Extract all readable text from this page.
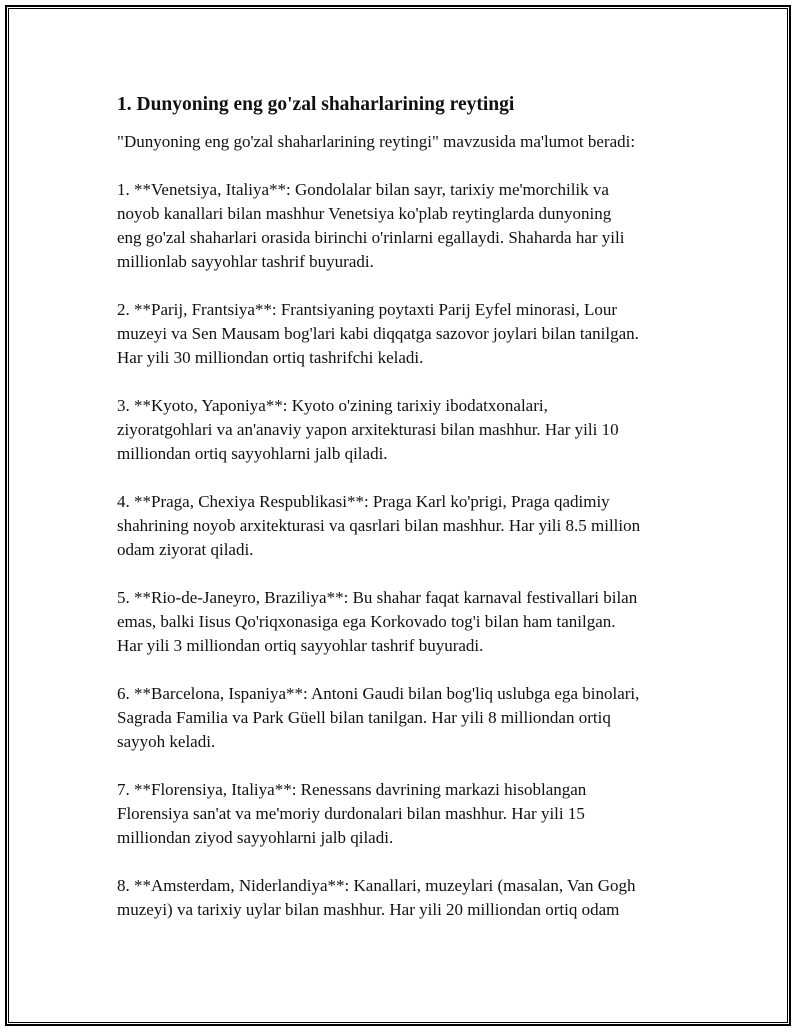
1. Dunyoning eng go'zal shaharlarining reytingi

"Dunyoning eng go'zal shaharlarining reytingi" mavzusida ma'lumot beradi:

1. **Venetsiya, Italiya**: Gondolalar bilan sayr, tarixiy me'morchilik va
noyob kanallari bilan mashhur Venetsiya ko'plab reytinglarda dunyoning
eng go'zal shaharlari orasida birinchi o'rinlarni egallaydi. Shaharda har yili
millionlab sayyohlar tashrif buyuradi.

2. **Parij, Frantsiya**: Frantsiyaning poytaxti Parij Eyfel minorasi, Lour
muzeyi va Sen Mausam bog'lari kabi diqqatga sazovor joylari bilan tanilgan.
Har yili 30 milliondan ortiq tashrifchi keladi.

3. **Kyoto, Yaponiya**: Kyoto o'zining tarixiy ibodatxonalari,
ziyoratgohlari va an'anaviy yapon arxitekturasi bilan mashhur. Har yili 10
milliondan ortiq sayyohlarni jalb qiladi.

4. **Praga, Chexiya Respublikasi**: Praga Karl ko'prigi, Praga qadimiy
shahrining noyob arxitekturasi va qasrlari bilan mashhur. Har yili 8.5 million
odam ziyorat qiladi.

5. **Rio-de-Janeyro, Braziliya**: Bu shahar faqat karnaval festivallari bilan
emas, balki Iisus Qo'riqxonasiga ega Korkovado tog'i bilan ham tanilgan.
Har yili 3 milliondan ortiq sayyohlar tashrif buyuradi.

6. **Barcelona, Ispaniya**: Antoni Gaudi bilan bog'liq uslubga ega binolari,
Sagrada Familia va Park Güell bilan tanilgan. Har yili 8 milliondan ortiq
sayyoh keladi.

7. **Florensiya, Italiya**: Renessans davrining markazi hisoblangan
Florensiya san'at va me'moriy durdonalari bilan mashhur. Har yili 15
milliondan ziyod sayyohlarni jalb qiladi.

8. **Amsterdam, Niderlandiya**: Kanallari, muzeylari (masalan, Van Gogh
muzeyi) va tarixiy uylar bilan mashhur. Har yili 20 milliondan ortiq odam
